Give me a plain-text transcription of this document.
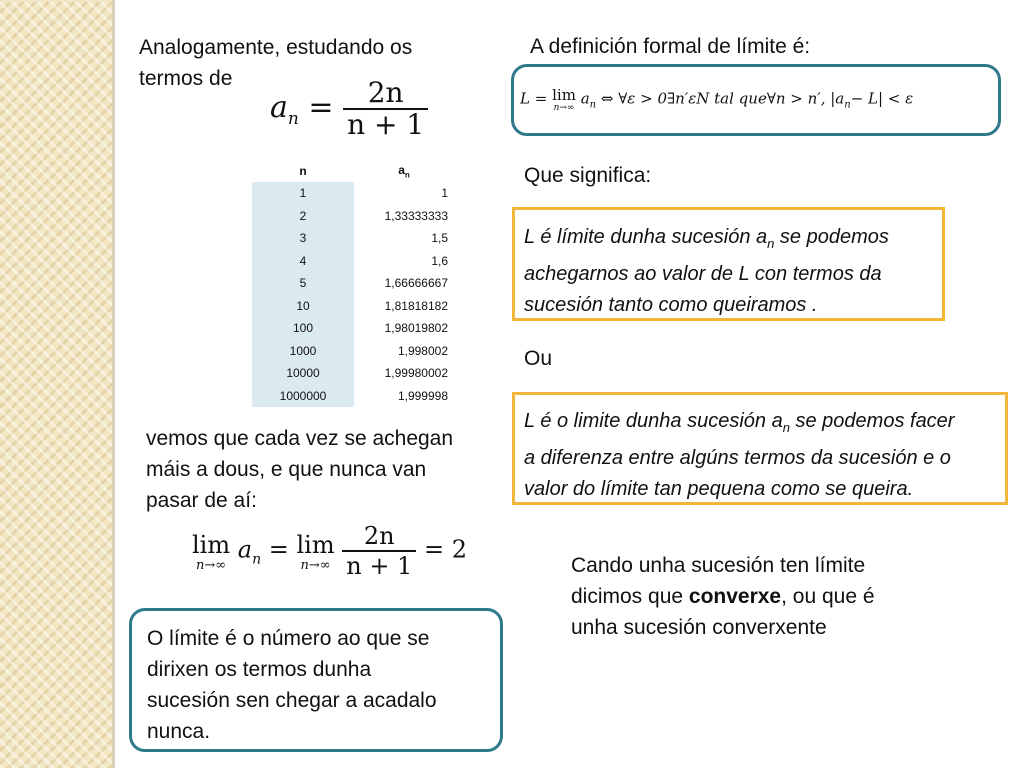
Analogamente, estudando os
termos de

$a_n = \frac{2n}{n + 1}$
n	$a_n$
1	1
2	1,33333333
3	1,5
4	1,6
5	1,66666667
10	1,81818182
100	1,98019802
1000	1,998002
10000	1,99980002
1000000	1,999998

vemos que cada vez se achegan
máis a dous, e que nunca van
pasar de aí:

lim
n→∞
$a_n = \lim$
n→∞
$\frac{2n}{n + 1} = 2$

O límite é o número ao que se
dirixen os termos dunha
sucesión sen chegar a acadalo
nunca.

A definición formal de límite é:

L = lim
n→∞
$a_n$ ⇔ ∀ε > 0∃n′εN tal que∀n > n′, $|a_n- L| < \varepsilon$

Que significa:

L é límite dunha sucesión $a_n$ se podemos
achegarnos ao valor de L con termos da
sucesión tanto como queiramos .

Ou

L é o limite dunha sucesión $a_n$ se podemos facer
a diferenza entre algúns termos da sucesión e o
valor do límite tan pequena como se queira.

Cando unha sucesión ten límite
dicimos que converxe, ou que é
unha sucesión converxente
